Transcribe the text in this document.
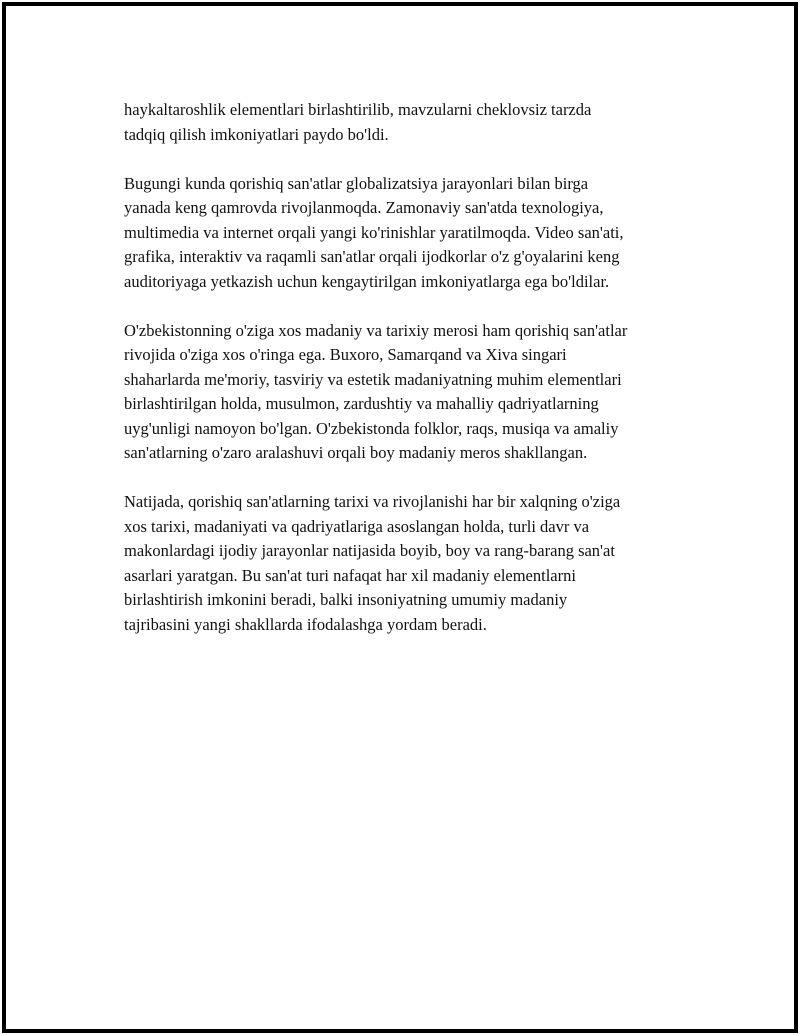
haykaltaroshlik elementlari birlashtirilib, mavzularni cheklovsiz tarzda
tadqiq qilish imkoniyatlari paydo bo'ldi.

Bugungi kunda qorishiq san'atlar globalizatsiya jarayonlari bilan birga
yanada keng qamrovda rivojlanmoqda. Zamonaviy san'atda texnologiya,
multimedia va internet orqali yangi ko'rinishlar yaratilmoqda. Video san'ati,
grafika, interaktiv va raqamli san'atlar orqali ijodkorlar o'z g'oyalarini keng
auditoriyaga yetkazish uchun kengaytirilgan imkoniyatlarga ega bo'ldilar.

O'zbekistonning o'ziga xos madaniy va tarixiy merosi ham qorishiq san'atlar
rivojida o'ziga xos o'ringa ega. Buxoro, Samarqand va Xiva singari
shaharlarda me'moriy, tasviriy va estetik madaniyatning muhim elementlari
birlashtirilgan holda, musulmon, zardushtiy va mahalliy qadriyatlarning
uyg'unligi namoyon bo'lgan. O'zbekistonda folklor, raqs, musiqa va amaliy
san'atlarning o'zaro aralashuvi orqali boy madaniy meros shakllangan.

Natijada, qorishiq san'atlarning tarixi va rivojlanishi har bir xalqning o'ziga
xos tarixi, madaniyati va qadriyatlariga asoslangan holda, turli davr va
makonlardagi ijodiy jarayonlar natijasida boyib, boy va rang-barang san'at
asarlari yaratgan. Bu san'at turi nafaqat har xil madaniy elementlarni
birlashtirish imkonini beradi, balki insoniyatning umumiy madaniy
tajribasini yangi shakllarda ifodalashga yordam beradi.
